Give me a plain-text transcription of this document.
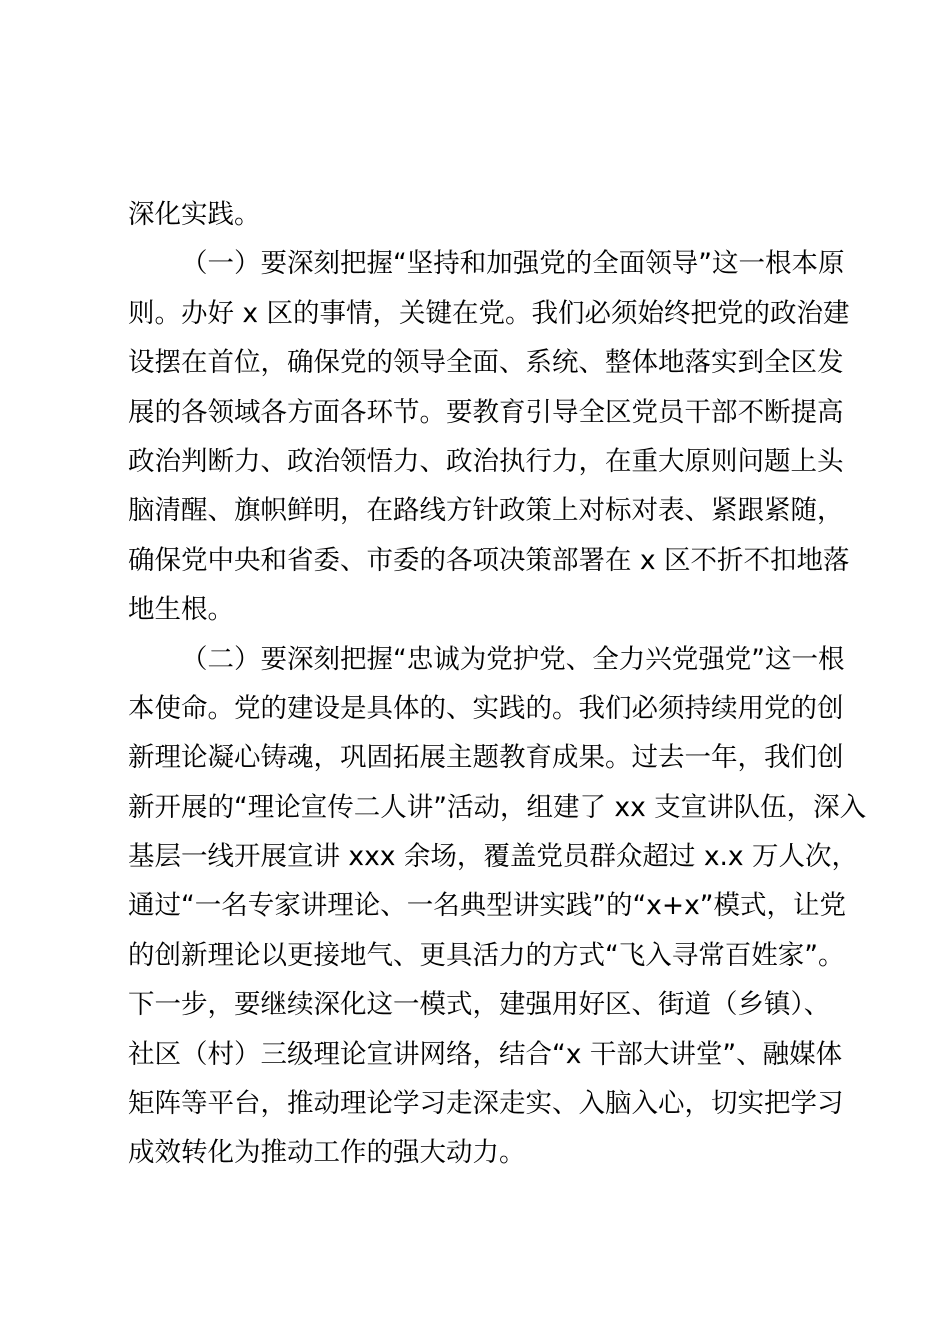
深化实践。
（一）要深刻把握“坚持和加强党的全面领导”这一根本原
则。办好 x 区的事情，关键在党。我们必须始终把党的政治建
设摆在首位，确保党的领导全面、系统、整体地落实到全区发
展的各领域各方面各环节。要教育引导全区党员干部不断提高
政治判断力、政治领悟力、政治执行力，在重大原则问题上头
脑清醒、旗帜鲜明，在路线方针政策上对标对表、紧跟紧随，
确保党中央和省委、市委的各项决策部署在 x 区不折不扣地落
地生根。
（二）要深刻把握“忠诚为党护党、全力兴党强党”这一根
本使命。党的建设是具体的、实践的。我们必须持续用党的创
新理论凝心铸魂，巩固拓展主题教育成果。过去一年，我们创
新开展的“理论宣传二人讲”活动，组建了 xx 支宣讲队伍，深入
基层一线开展宣讲 xxx 余场，覆盖党员群众超过 x.x 万人次，
通过“一名专家讲理论、一名典型讲实践”的“x+x”模式，让党
的创新理论以更接地气、更具活力的方式“飞入寻常百姓家”。
下一步，要继续深化这一模式，建强用好区、街道（乡镇）、
社区（村）三级理论宣讲网络，结合“x 干部大讲堂”、融媒体
矩阵等平台，推动理论学习走深走实、入脑入心，切实把学习
成效转化为推动工作的强大动力。
